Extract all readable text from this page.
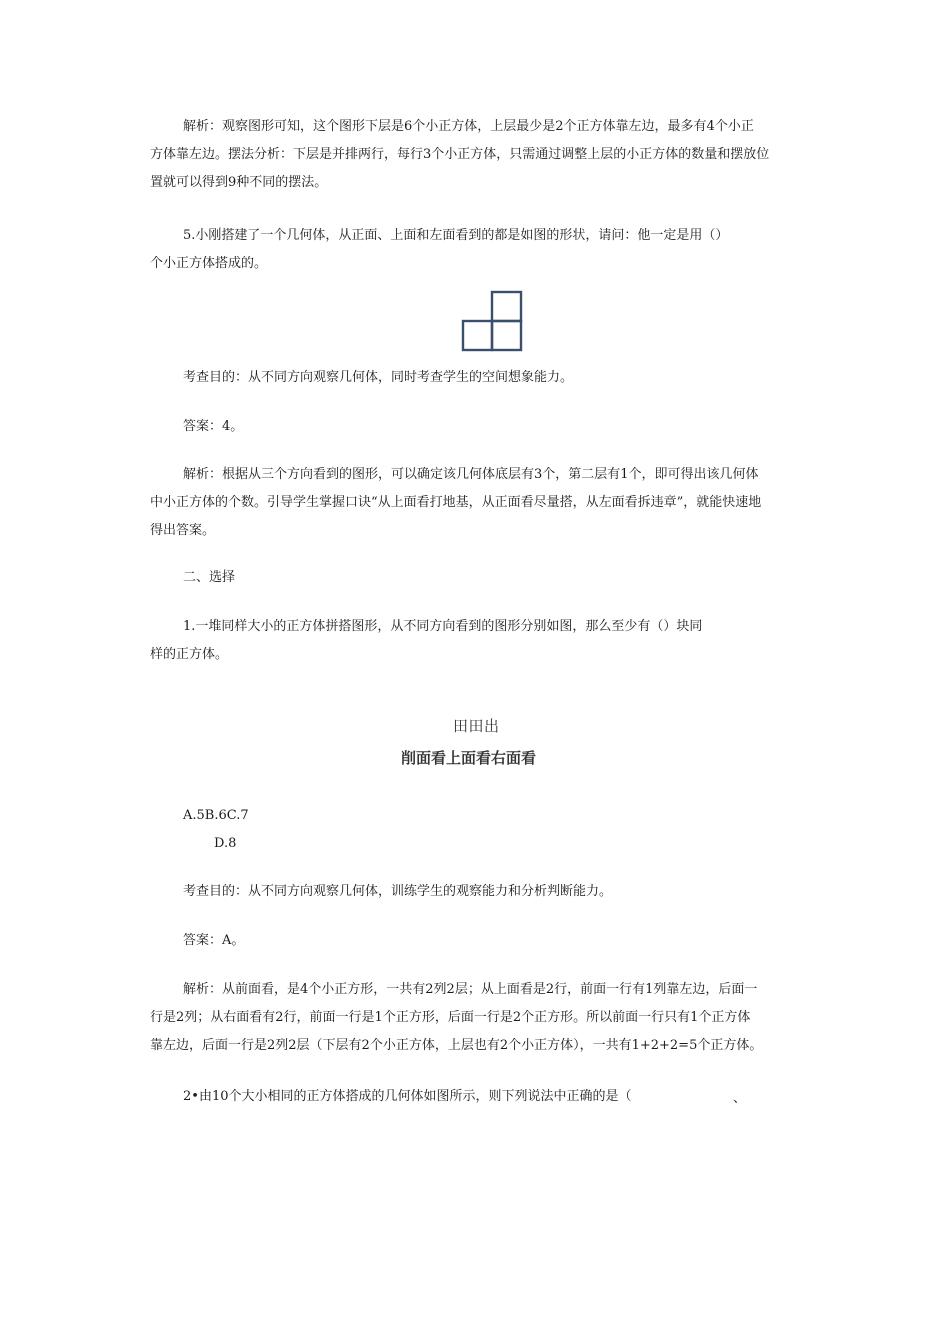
解析：观察图形可知，这个图形下层是6个小正方体，上层最少是2个正方体靠左边，最多有4个小正
方体靠左边。摆法分析：下层是并排两行，每行3个小正方体，只需通过调整上层的小正方体的数量和摆放位
置就可以得到9种不同的摆法。
5.小刚搭建了一个几何体，从正面、上面和左面看到的都是如图的形状，请问：他一定是用（）
个小正方体搭成的。
考查目的：从不同方向观察几何体，同时考查学生的空间想象能力。
答案：4。
解析：根据从三个方向看到的图形，可以确定该几何体底层有3个，第二层有1个，即可得出该几何体
中小正方体的个数。引导学生掌握口诀“从上面看打地基，从正面看尽量搭，从左面看拆违章”，就能快速地
得出答案。
二、选择
1.一堆同样大小的正方体拼搭图形，从不同方向看到的图形分别如图，那么至少有（）块同
样的正方体。
田田出
削面看上面看右面看
A.5B.6C.7
D.8
考查目的：从不同方向观察几何体，训练学生的观察能力和分析判断能力。
答案：A。
解析：从前面看，是4个小正方形，一共有2列2层；从上面看是2行，前面一行有1列靠左边，后面一
行是2列；从右面看有2行，前面一行是1个正方形，后面一行是2个正方形。所以前面一行只有1个正方体
靠左边，后面一行是2列2层（下层有2个小正方体，上层也有2个小正方体），一共有1+2+2=5个正方体。
2•由10个大小相同的正方体搭成的几何体如图所示，则下列说法中正确的是（	、
